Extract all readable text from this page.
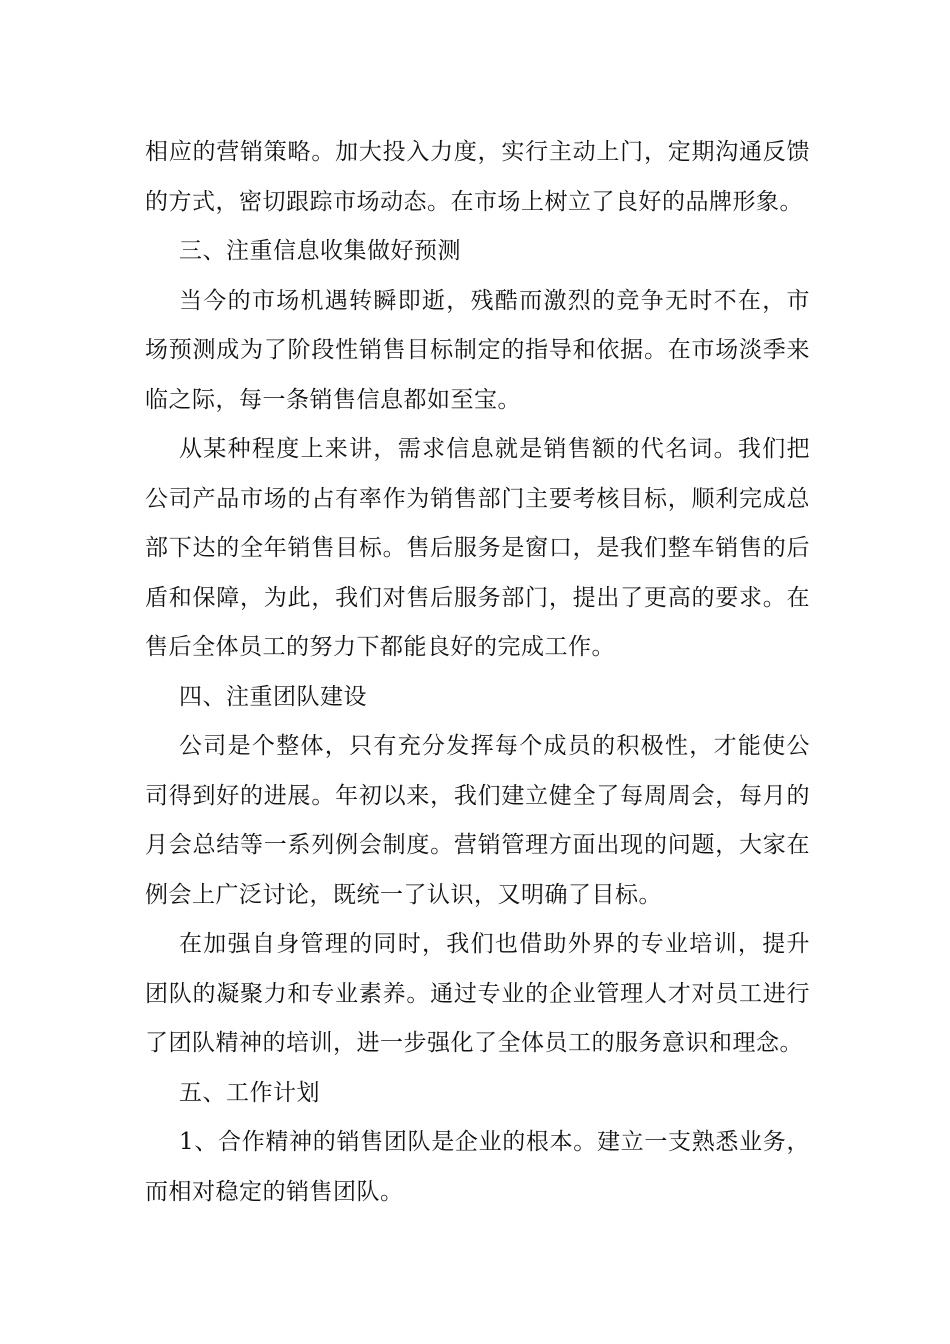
相应的营销策略。加大投入力度，实行主动上门，定期沟通反馈的方式，密切跟踪市场动态。在市场上树立了良好的品牌形象。

三、注重信息收集做好预测

当今的市场机遇转瞬即逝，残酷而激烈的竞争无时不在，市场预测成为了阶段性销售目标制定的指导和依据。在市场淡季来临之际，每一条销售信息都如至宝。

从某种程度上来讲，需求信息就是销售额的代名词。我们把公司产品市场的占有率作为销售部门主要考核目标，顺利完成总部下达的全年销售目标。售后服务是窗口，是我们整车销售的后盾和保障，为此，我们对售后服务部门，提出了更高的要求。在售后全体员工的努力下都能良好的完成工作。

四、注重团队建设

公司是个整体，只有充分发挥每个成员的积极性，才能使公司得到好的进展。年初以来，我们建立健全了每周周会，每月的月会总结等一系列例会制度。营销管理方面出现的问题，大家在例会上广泛讨论，既统一了认识，又明确了目标。

在加强自身管理的同时，我们也借助外界的专业培训，提升团队的凝聚力和专业素养。通过专业的企业管理人才对员工进行了团队精神的培训，进一步强化了全体员工的服务意识和理念。

五、工作计划

1、合作精神的销售团队是企业的根本。建立一支熟悉业务，而相对稳定的销售团队。
